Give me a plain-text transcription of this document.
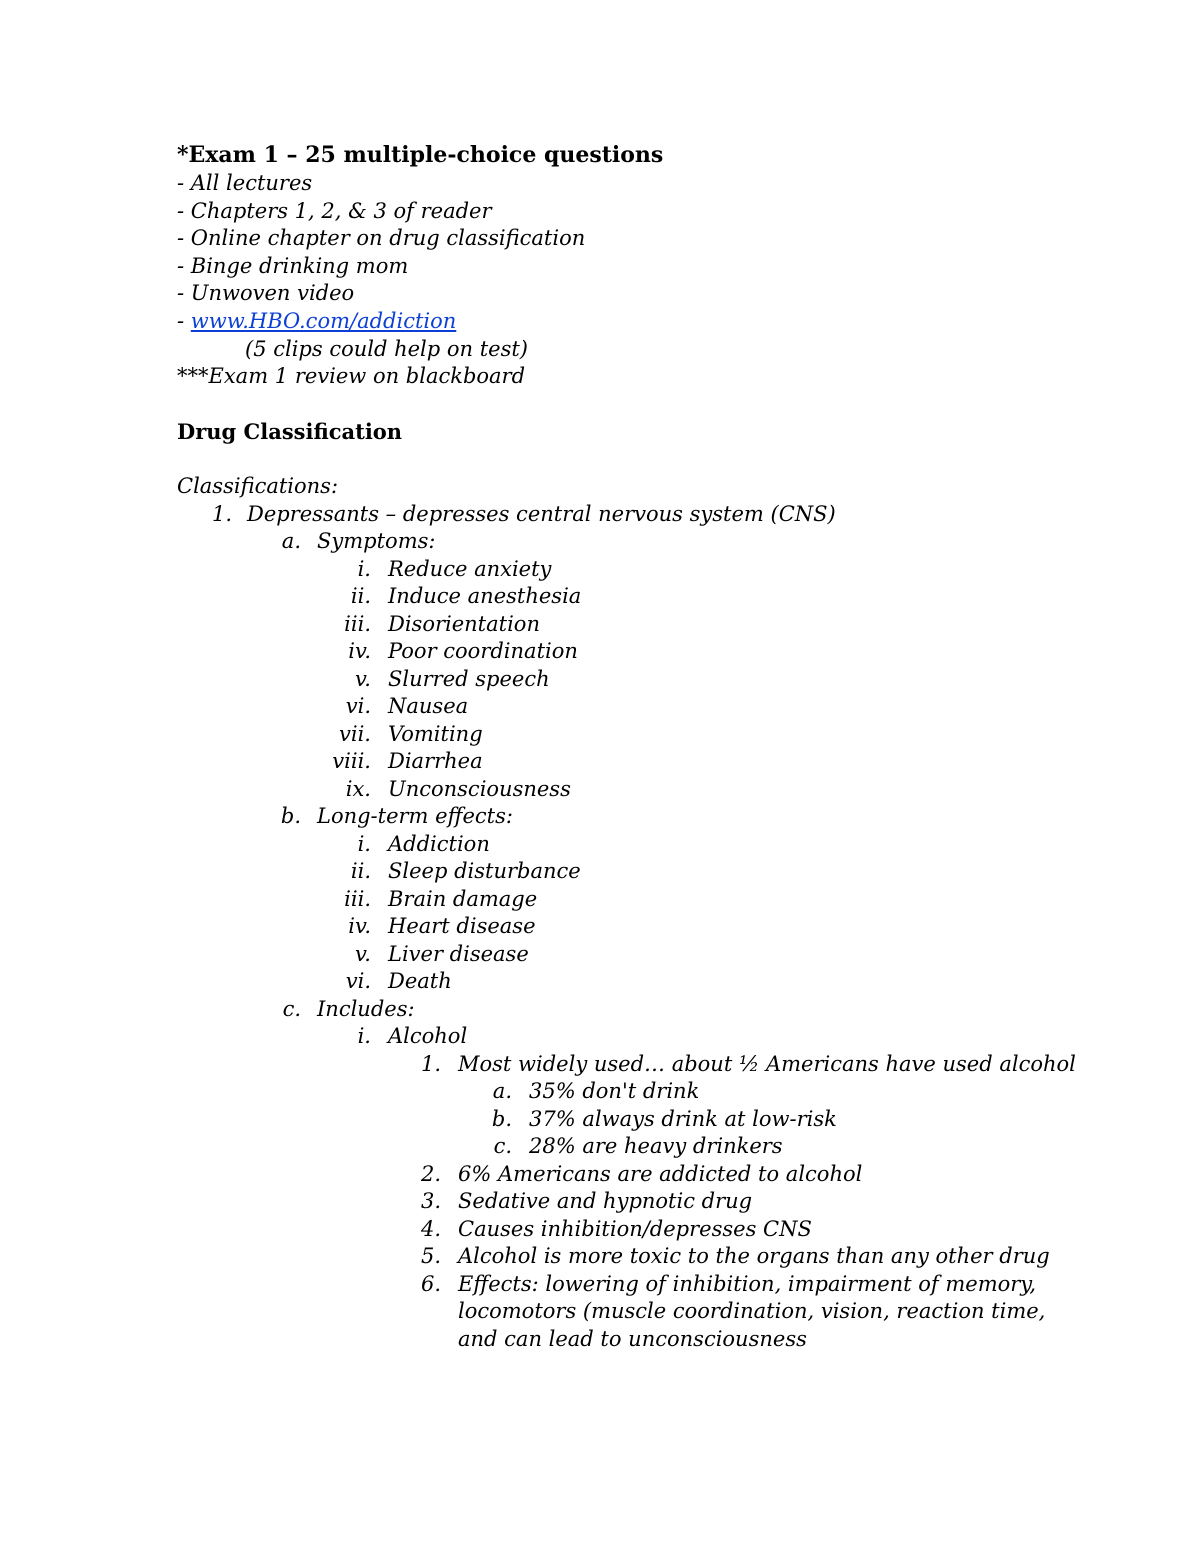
*Exam 1 – 25 multiple-choice questions
- All lectures
- Chapters 1, 2, & 3 of reader
- Online chapter on drug classification
- Binge drinking mom
- Unwoven video
- www.HBO.com/addiction
(5 clips could help on test)
***Exam 1 review on blackboard
Drug Classification
Classifications:
1. Depressants – depresses central nervous system (CNS)
a. Symptoms:
i. Reduce anxiety
ii. Induce anesthesia
iii. Disorientation
iv. Poor coordination
v. Slurred speech
vi. Nausea
vii. Vomiting
viii. Diarrhea
ix. Unconsciousness
b. Long-term effects:
i. Addiction
ii. Sleep disturbance
iii. Brain damage
iv. Heart disease
v. Liver disease
vi. Death
c. Includes:
i. Alcohol
1. Most widely used… about ½ Americans have used alcohol
a. 35% don't drink
b. 37% always drink at low-risk
c. 28% are heavy drinkers
2. 6% Americans are addicted to alcohol
3. Sedative and hypnotic drug
4. Causes inhibition/depresses CNS
5. Alcohol is more toxic to the organs than any other drug
6. Effects: lowering of inhibition, impairment of memory,
locomotors (muscle coordination, vision, reaction time,
and can lead to unconsciousness
